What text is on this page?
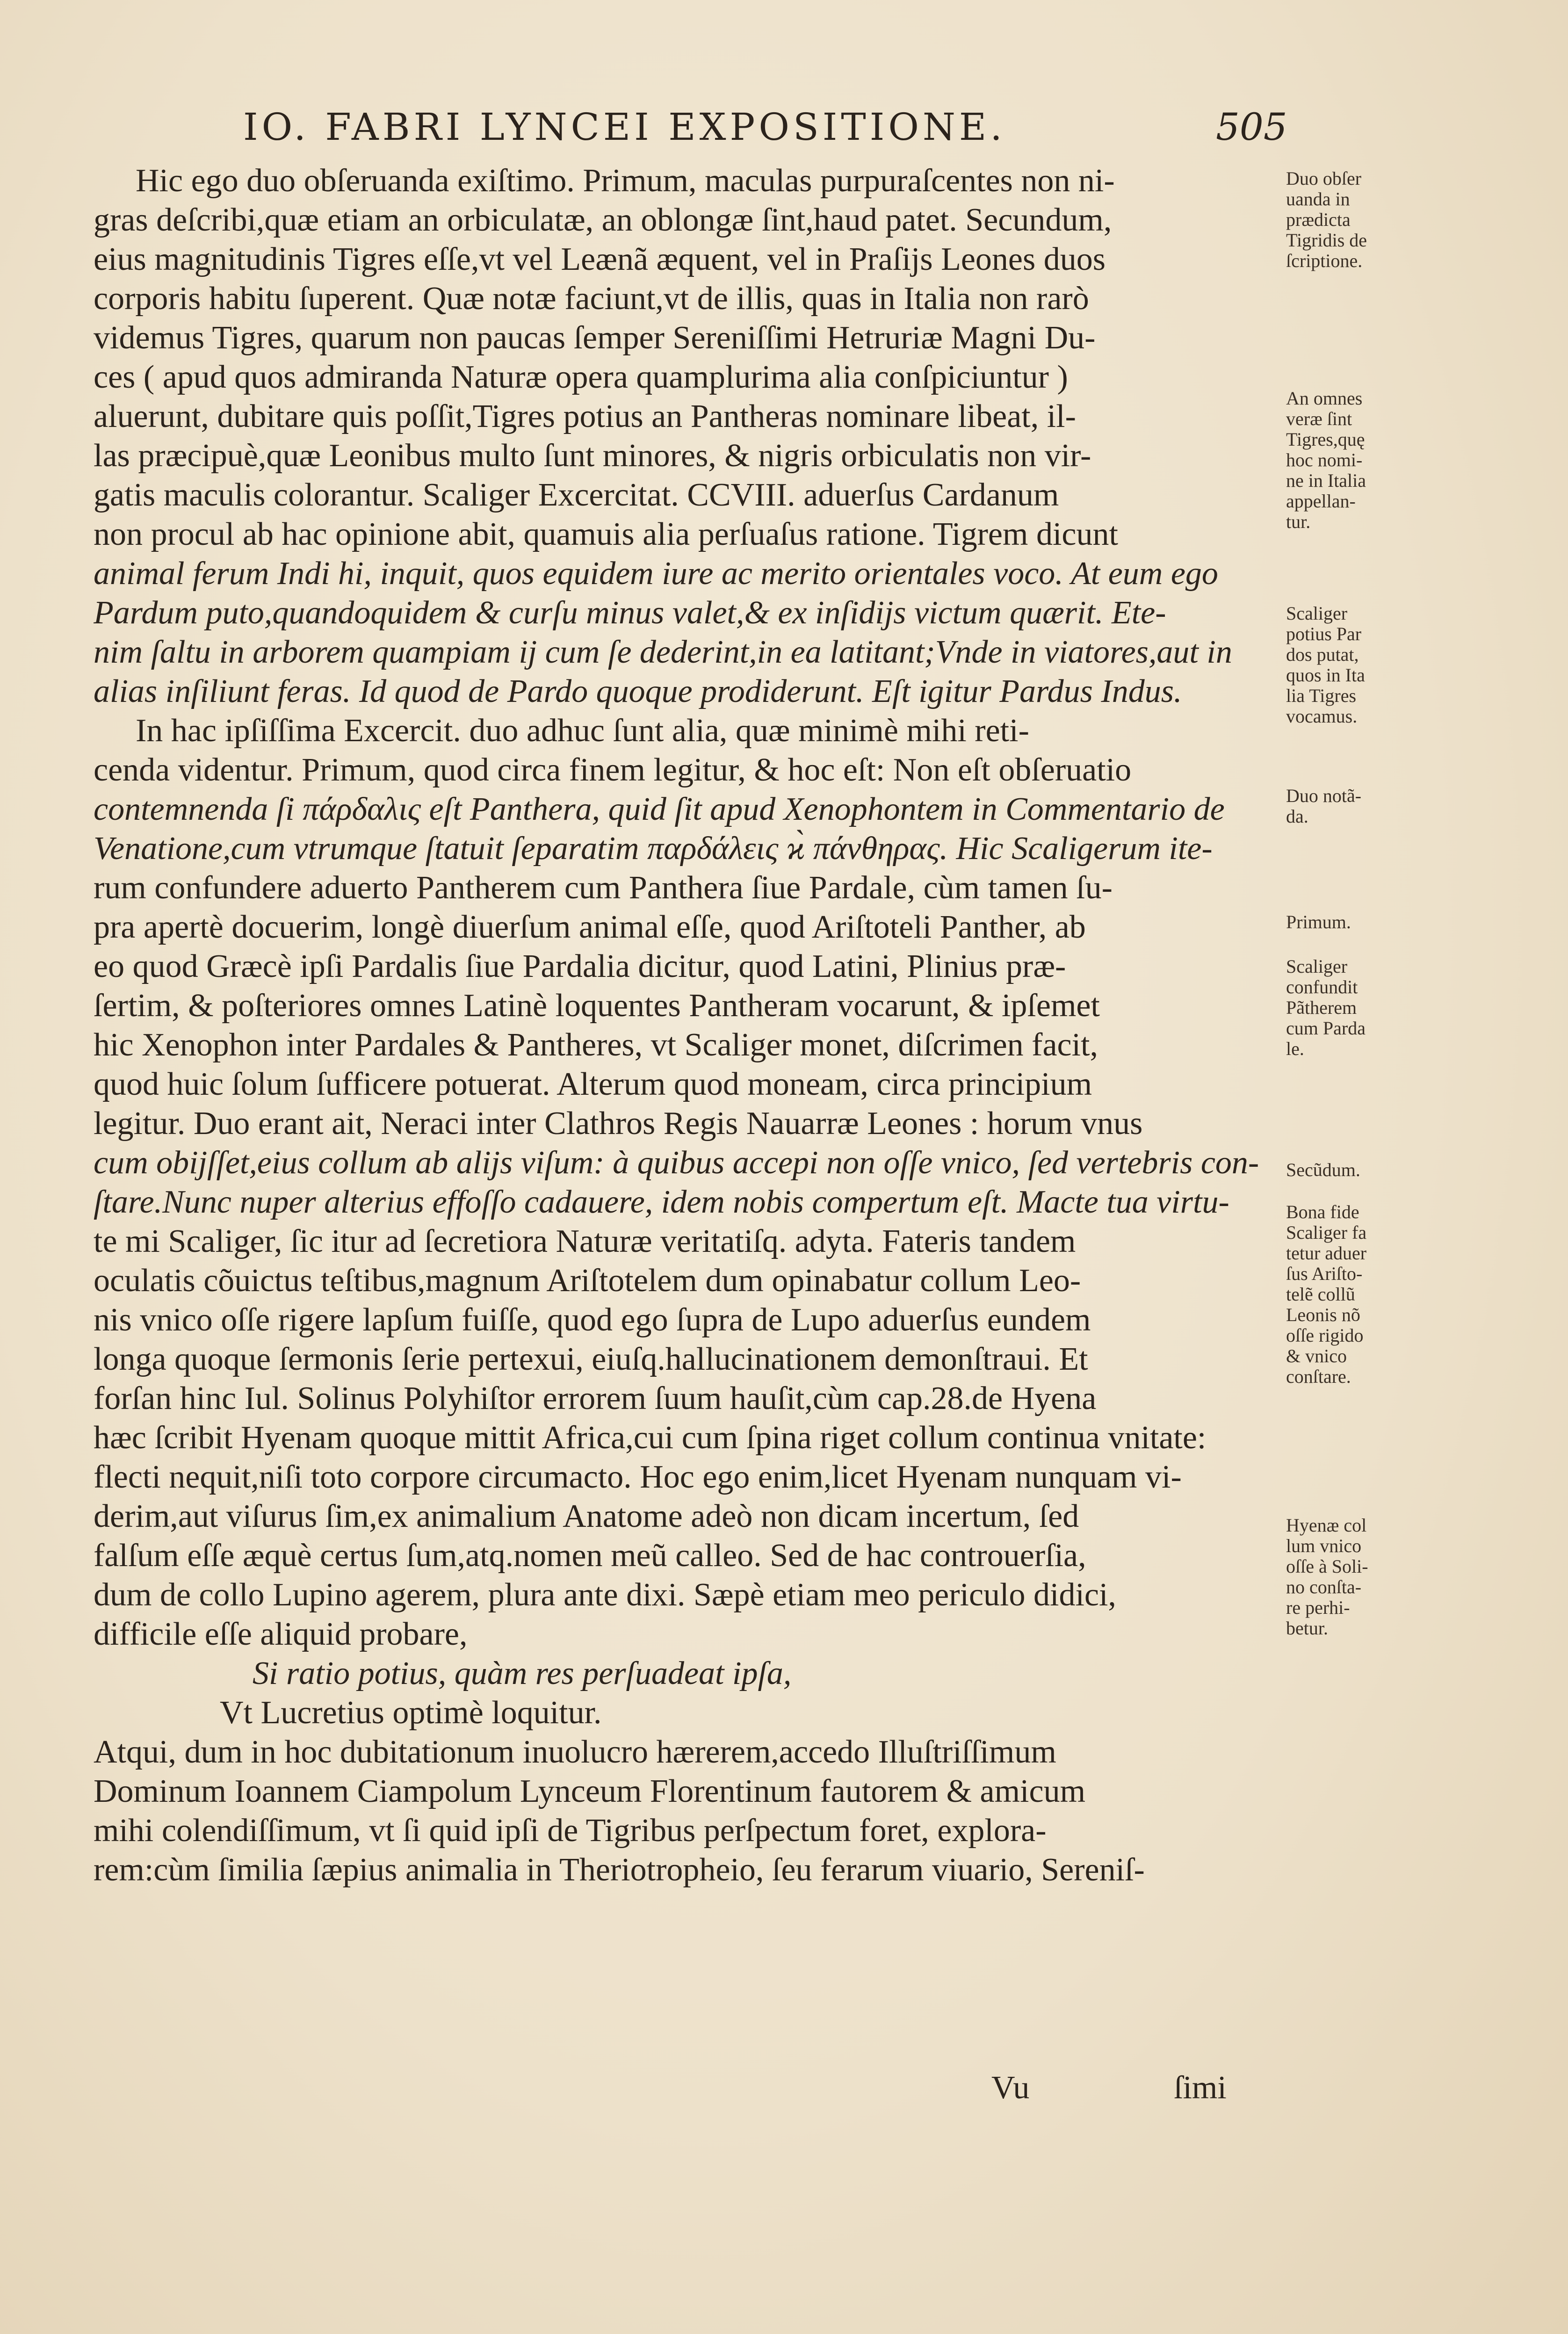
IO. FABRI LYNCEI EXPOSITIONE.	505
Hic ego duo obſeruanda exiſtimo. Primum, maculas purpuraſcentes non ni-
gras deſcribi,quæ etiam an orbiculatæ, an oblongæ ſint,haud patet. Secundum,
eius magnitudinis Tigres eſſe,vt vel Leænã æquent, vel in Praſijs Leones duos
corporis habitu ſuperent. Quæ notæ faciunt,vt de illis, quas in Italia non rarò
videmus Tigres, quarum non paucas ſemper Sereniſſimi Hetruriæ Magni Du-
ces ( apud quos admiranda Naturæ opera quamplurima alia conſpiciuntur )
aluerunt, dubitare quis poſſit,Tigres potius an Pantheras nominare libeat, il-
las præcipuè,quæ Leonibus multo ſunt minores, & nigris orbiculatis non vir-
gatis maculis colorantur. Scaliger Excercitat. CCVIII. aduerſus Cardanum
non procul ab hac opinione abit, quamuis alia perſuaſus ratione. Tigrem dicunt
animal ferum Indi hi, inquit, quos equidem iure ac merito orientales voco. At eum ego
Pardum puto,quandoquidem & curſu minus valet,& ex inſidijs victum quærit. Ete-
nim ſaltu in arborem quampiam ij cum ſe dederint,in ea latitant;Vnde in viatores,aut in
alias inſiliunt feras. Id quod de Pardo quoque prodiderunt. Eſt igitur Pardus Indus.
In hac ipſiſſima Excercit. duo adhuc ſunt alia, quæ minimè mihi reti-
cenda videntur. Primum, quod circa finem legitur, & hoc eſt: Non eſt obſeruatio
contemnenda ſi πάρδαλις eſt Panthera, quid ſit apud Xenophontem in Commentario de
Venatione,cum vtrumque ſtatuit ſeparatim παρδάλεις ϰ̀ πάνθηρας. Hic Scaligerum ite-
rum confundere aduerto Pantherem cum Panthera ſiue Pardale, cùm tamen ſu-
pra apertè docuerim, longè diuerſum animal eſſe, quod Ariſtoteli Panther, ab
eo quod Græcè ipſi Pardalis ſiue Pardalia dicitur, quod Latini, Plinius præ-
ſertim, & poſteriores omnes Latinè loquentes Pantheram vocarunt, & ipſemet
hic Xenophon inter Pardales & Pantheres, vt Scaliger monet, diſcrimen facit,
quod huic ſolum ſufficere potuerat. Alterum quod moneam, circa principium
legitur. Duo erant ait, Neraci inter Clathros Regis Nauarræ Leones : horum vnus
cum obijſſet,eius collum ab alijs viſum: à quibus accepi non oſſe vnico, ſed vertebris con-
ſtare.Nunc nuper alterius effoſſo cadauere, idem nobis compertum eſt. Macte tua virtu-
te mi Scaliger, ſic itur ad ſecretiora Naturæ veritatiſq. adyta. Fateris tandem
oculatis cõuictus teſtibus,magnum Ariſtotelem dum opinabatur collum Leo-
nis vnico oſſe rigere lapſum fuiſſe, quod ego ſupra de Lupo aduerſus eundem
longa quoque ſermonis ſerie pertexui, eiuſq.hallucinationem demonſtraui. Et
forſan hinc Iul. Solinus Polyhiſtor errorem ſuum hauſit,cùm cap.28.de Hyena
hæc ſcribit Hyenam quoque mittit Africa,cui cum ſpina riget collum continua vnitate:
flecti nequit,niſi toto corpore circumacto. Hoc ego enim,licet Hyenam nunquam vi-
derim,aut viſurus ſim,ex animalium Anatome adeò non dicam incertum, ſed
falſum eſſe æquè certus ſum,atq.nomen meũ calleo. Sed de hac controuerſia,
dum de collo Lupino agerem, plura ante dixi. Sæpè etiam meo periculo didici,
difficile eſſe aliquid probare,
Si ratio potius, quàm res perſuadeat ipſa,
Vt Lucretius optimè loquitur.
Atqui, dum in hoc dubitationum inuolucro hærerem,accedo Illuſtriſſimum
Dominum Ioannem Ciampolum Lynceum Florentinum fautorem & amicum
mihi colendiſſimum, vt ſi quid ipſi de Tigribus perſpectum foret, explora-
rem:cùm ſimilia ſæpius animalia in Theriotropheio, ſeu ferarum viuario, Sereniſ-
Duo obſer
uanda in
prædicta
Tigridis de
ſcriptione.
An omnes
veræ ſint
Tigres,quę
hoc nomi-
ne in Italia
appellan-
tur.
Scaliger
potius Par
dos putat,
quos in Ita
lia Tigres
vocamus.
Duo notã-
da.
Primum.
Scaliger
confundit
Pãtherem
cum Parda
le.
Secũdum.
Bona fide
Scaliger fa
tetur aduer
ſus Ariſto-
telẽ collũ
Leonis nõ
oſſe rigido
& vnico
conſtare.
Hyenæ col
lum vnico
oſſe à Soli-
no conſta-
re perhi-
betur.
Vu	ſimi
